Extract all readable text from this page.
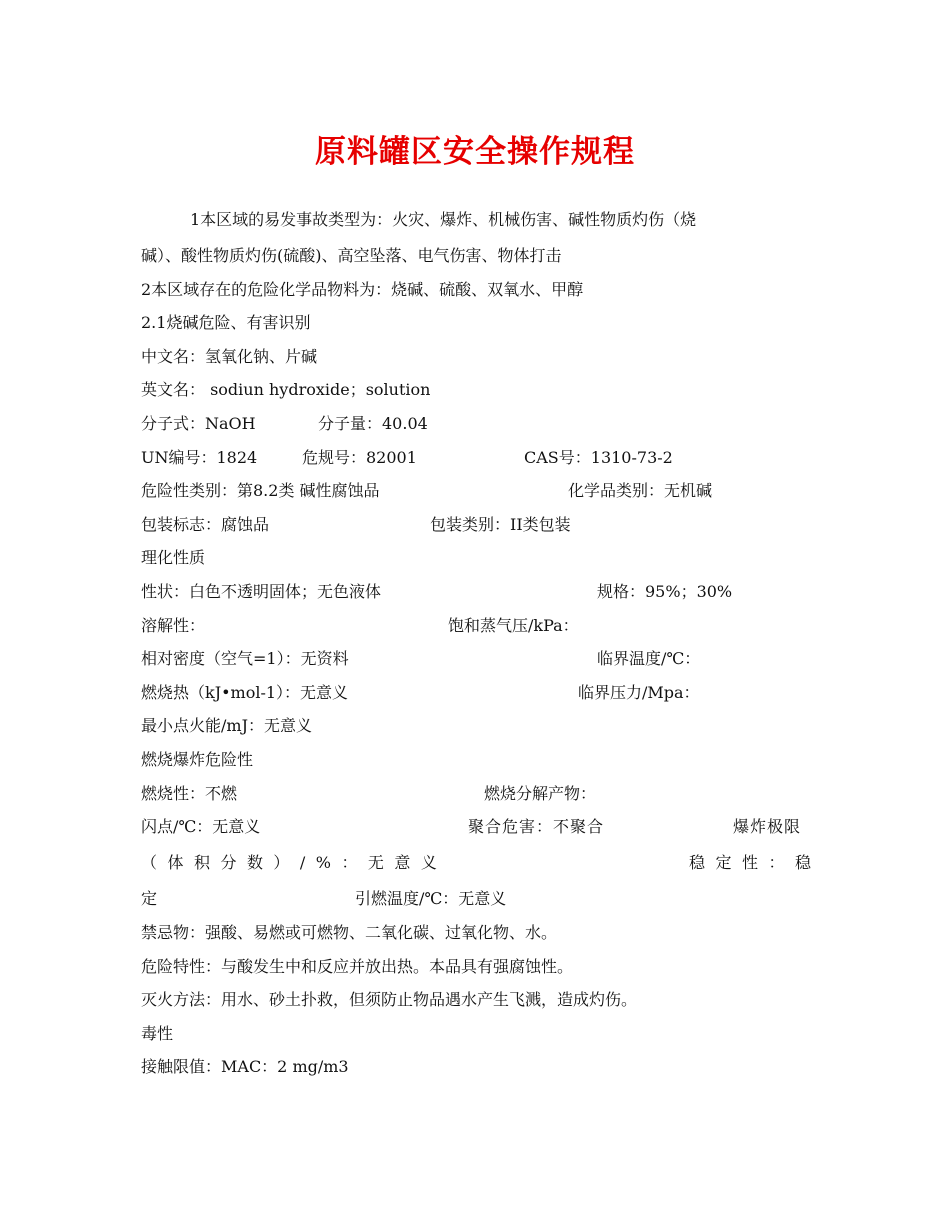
原料罐区安全操作规程
1本区域的易发事故类型为：火灾、爆炸、机械伤害、碱性物质灼伤（烧
碱）、酸性物质灼伤(硫酸)、高空坠落、电气伤害、物体打击
2本区域存在的危险化学品物料为：烧碱、硫酸、双氧水、甲醇
2.1烧碱危险、有害识别
中文名：氢氧化钠、片碱
英文名： sodiun hydroxide；solution
分子式：NaOH	分子量：40.04
UN编号：1824	危规号：82001	CAS号：1310-73-2
危险性类别：第8.2类 碱性腐蚀品	化学品类别：无机碱
包装标志：腐蚀品	包装类别：II类包装
理化性质
性状：白色不透明固体；无色液体	规格：95%；30%
溶解性：	饱和蒸气压/kPa：
相对密度（空气=1）：无资料	临界温度/℃：
燃烧热（kJ•mol-1）：无意义	临界压力/Mpa：
最小点火能/mJ：无意义
燃烧爆炸危险性
燃烧性：不燃	燃烧分解产物：
闪点/℃：无意义	聚合危害：不聚合	爆炸极限
（ 体 积 分 数 ） / % ： 无 意 义	稳 定 性 ： 稳
定	引燃温度/℃：无意义
禁忌物：强酸、易燃或可燃物、二氧化碳、过氧化物、水。
危险特性：与酸发生中和反应并放出热。本品具有强腐蚀性。
灭火方法：用水、砂土扑救，但须防止物品遇水产生飞溅，造成灼伤。
毒性
接触限值：MAC：2 mg/m3
